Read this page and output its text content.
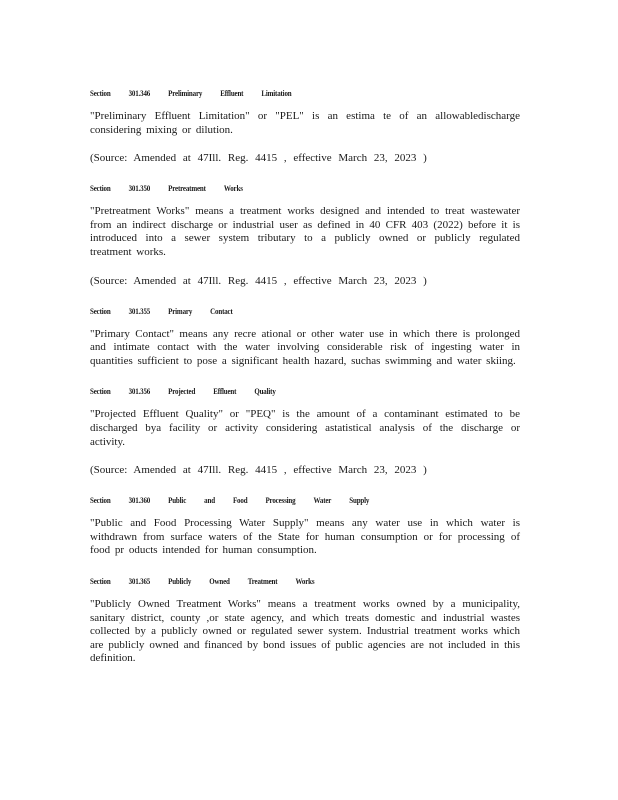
Section 301.346 Preliminary Effluent Limitation

"Preliminary Effluent Limitation" or "PEL" is an estima te of an allowabledischarge considering mixing or dilution.

(Source: Amended at 47Ill. Reg. 4415 , effective March 23, 2023 )
Section 301.350 Pretreatment Works

"Pretreatment Works" means a treatment works designed and intended to treat wastewater from an indirect discharge or industrial user as defined in 40 CFR 403 (2022) before it is introduced into a sewer system tributary to a publicly owned or publicly regulated treatment works.

(Source: Amended at 47Ill. Reg. 4415 , effective March 23, 2023 )
Section 301.355 Primary Contact

"Primary Contact" means any recre ational or other water use in which there is prolonged and intimate contact with the water involving considerable risk of ingesting water in quantities sufficient to pose a significant health hazard, suchas swimming and water skiing.

Section 301.356 Projected Effluent Quality

"Projected Effluent Quality" or "PEQ" is the amount of a contaminant estimated to be discharged bya facility or activity considering astatistical analysis of the discharge or activity.

(Source: Amended at 47Ill. Reg. 4415 , effective March 23, 2023 )
Section 301.360 Public and Food Processing Water Supply

"Public and Food Processing Water Supply" means any water use in which water is withdrawn from surface waters of the State for human consumption or for processing of food pr oducts intended for human consumption.

Section 301.365 Publicly Owned Treatment Works

"Publicly Owned Treatment Works" means a treatment works owned by a municipality, sanitary district, county ,or state agency, and which treats domestic and industrial wastes collected by a publicly owned or regulated sewer system. Industrial treatment works which are publicly owned and financed by bond issues of public agencies are not included in this definition.
